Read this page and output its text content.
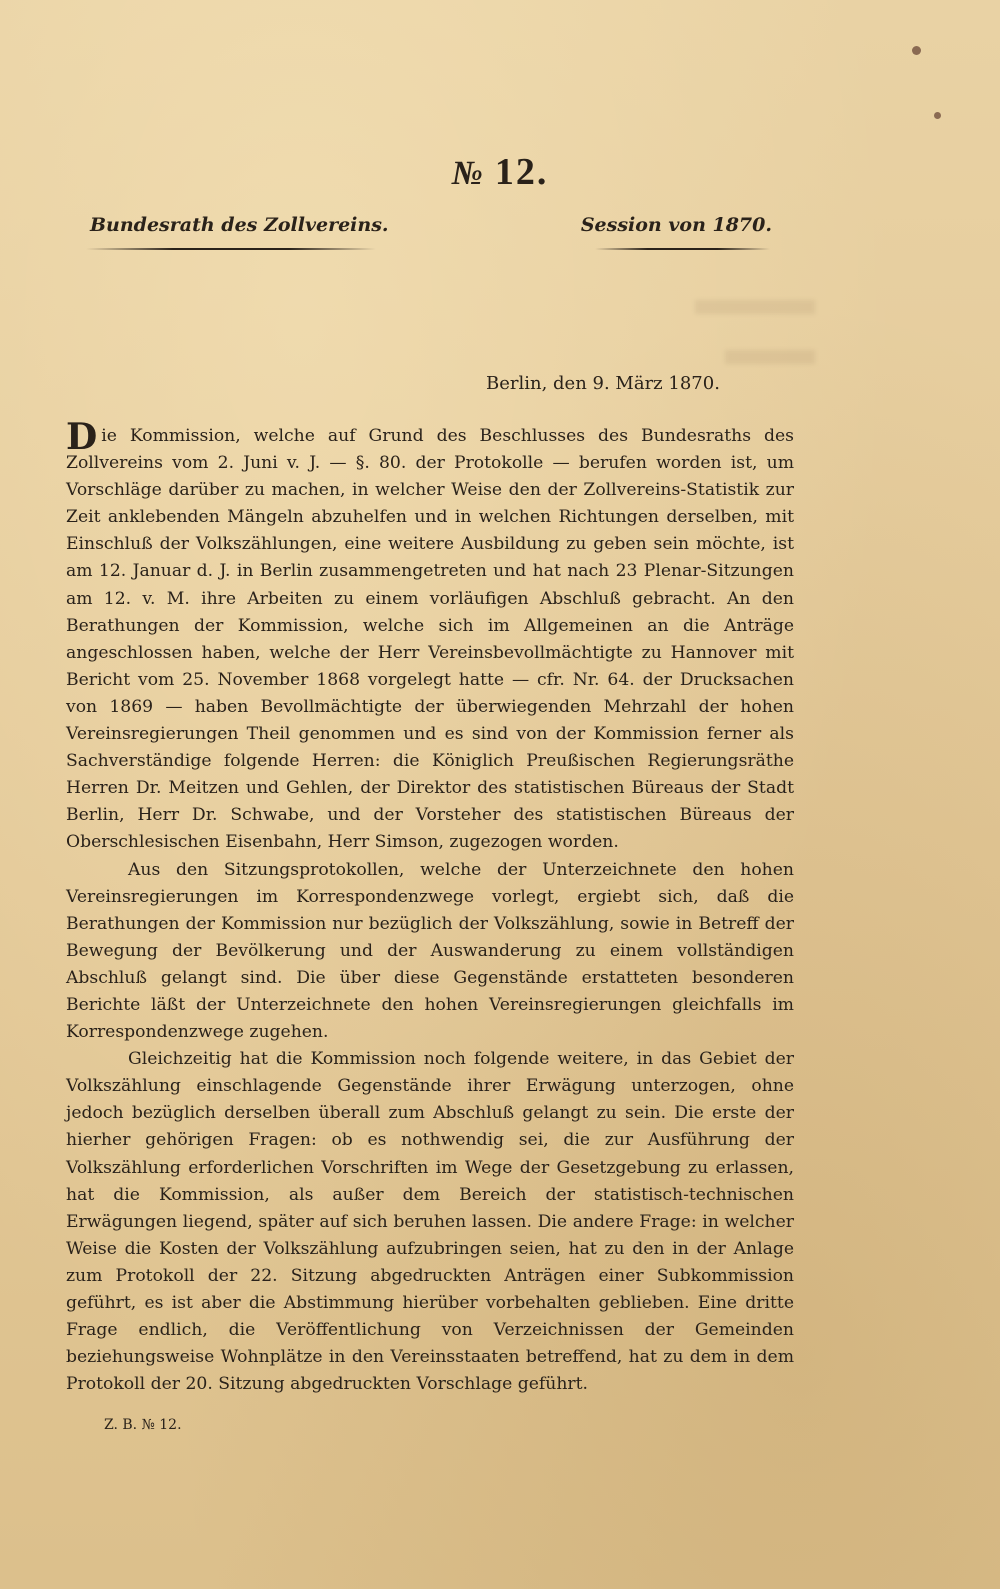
№ 12.
Bundesrath des Zollvereins.	Session von 1870.
Berlin, den 9. März 1870.

Die Kommission, welche auf Grund des Beschlusses des Bundesraths des Zollvereins vom 2. Juni v. J. — §. 80. der Protokolle — berufen worden ist, um Vorschläge darüber zu machen, in welcher Weise den der Zollvereins-Statistik zur Zeit anklebenden Mängeln abzuhelfen und in welchen Richtungen derselben, mit Einschluß der Volkszählungen, eine weitere Ausbildung zu geben sein möchte, ist am 12. Januar d. J. in Berlin zusammengetreten und hat nach 23 Plenar-Sitzungen am 12. v. M. ihre Arbeiten zu einem vorläufigen Abschluß gebracht. An den Berathungen der Kommission, welche sich im Allgemeinen an die Anträge angeschlossen haben, welche der Herr Vereinsbevollmächtigte zu Hannover mit Bericht vom 25. November 1868 vorgelegt hatte — cfr. Nr. 64. der Drucksachen von 1869 — haben Bevollmächtigte der überwiegenden Mehrzahl der hohen Vereinsregierungen Theil genommen und es sind von der Kommission ferner als Sachverständige folgende Herren: die Königlich Preußischen Regierungsräthe Herren Dr. Meitzen und Gehlen, der Direktor des statistischen Büreaus der Stadt Berlin, Herr Dr. Schwabe, und der Vorsteher des statistischen Büreaus der Oberschlesischen Eisenbahn, Herr Simson, zugezogen worden.

Aus den Sitzungsprotokollen, welche der Unterzeichnete den hohen Vereinsregierungen im Korrespondenzwege vorlegt, ergiebt sich, daß die Berathungen der Kommission nur bezüglich der Volkszählung, sowie in Betreff der Bewegung der Bevölkerung und der Auswanderung zu einem vollständigen Abschluß gelangt sind. Die über diese Gegenstände erstatteten besonderen Berichte läßt der Unterzeichnete den hohen Vereinsregierungen gleichfalls im Korrespondenzwege zugehen.

Gleichzeitig hat die Kommission noch folgende weitere, in das Gebiet der Volkszählung einschlagende Gegenstände ihrer Erwägung unterzogen, ohne jedoch bezüglich derselben überall zum Abschluß gelangt zu sein. Die erste der hierher gehörigen Fragen: ob es nothwendig sei, die zur Ausführung der Volkszählung erforderlichen Vorschriften im Wege der Gesetzgebung zu erlassen, hat die Kommission, als außer dem Bereich der statistisch-technischen Erwägungen liegend, später auf sich beruhen lassen. Die andere Frage: in welcher Weise die Kosten der Volkszählung aufzubringen seien, hat zu den in der Anlage zum Protokoll der 22. Sitzung abgedruckten Anträgen einer Subkommission geführt, es ist aber die Abstimmung hierüber vorbehalten geblieben. Eine dritte Frage endlich, die Veröffentlichung von Verzeichnissen der Gemeinden beziehungsweise Wohnplätze in den Vereinsstaaten betreffend, hat zu dem in dem Protokoll der 20. Sitzung abgedruckten Vorschlage geführt.

Z. B. № 12.
